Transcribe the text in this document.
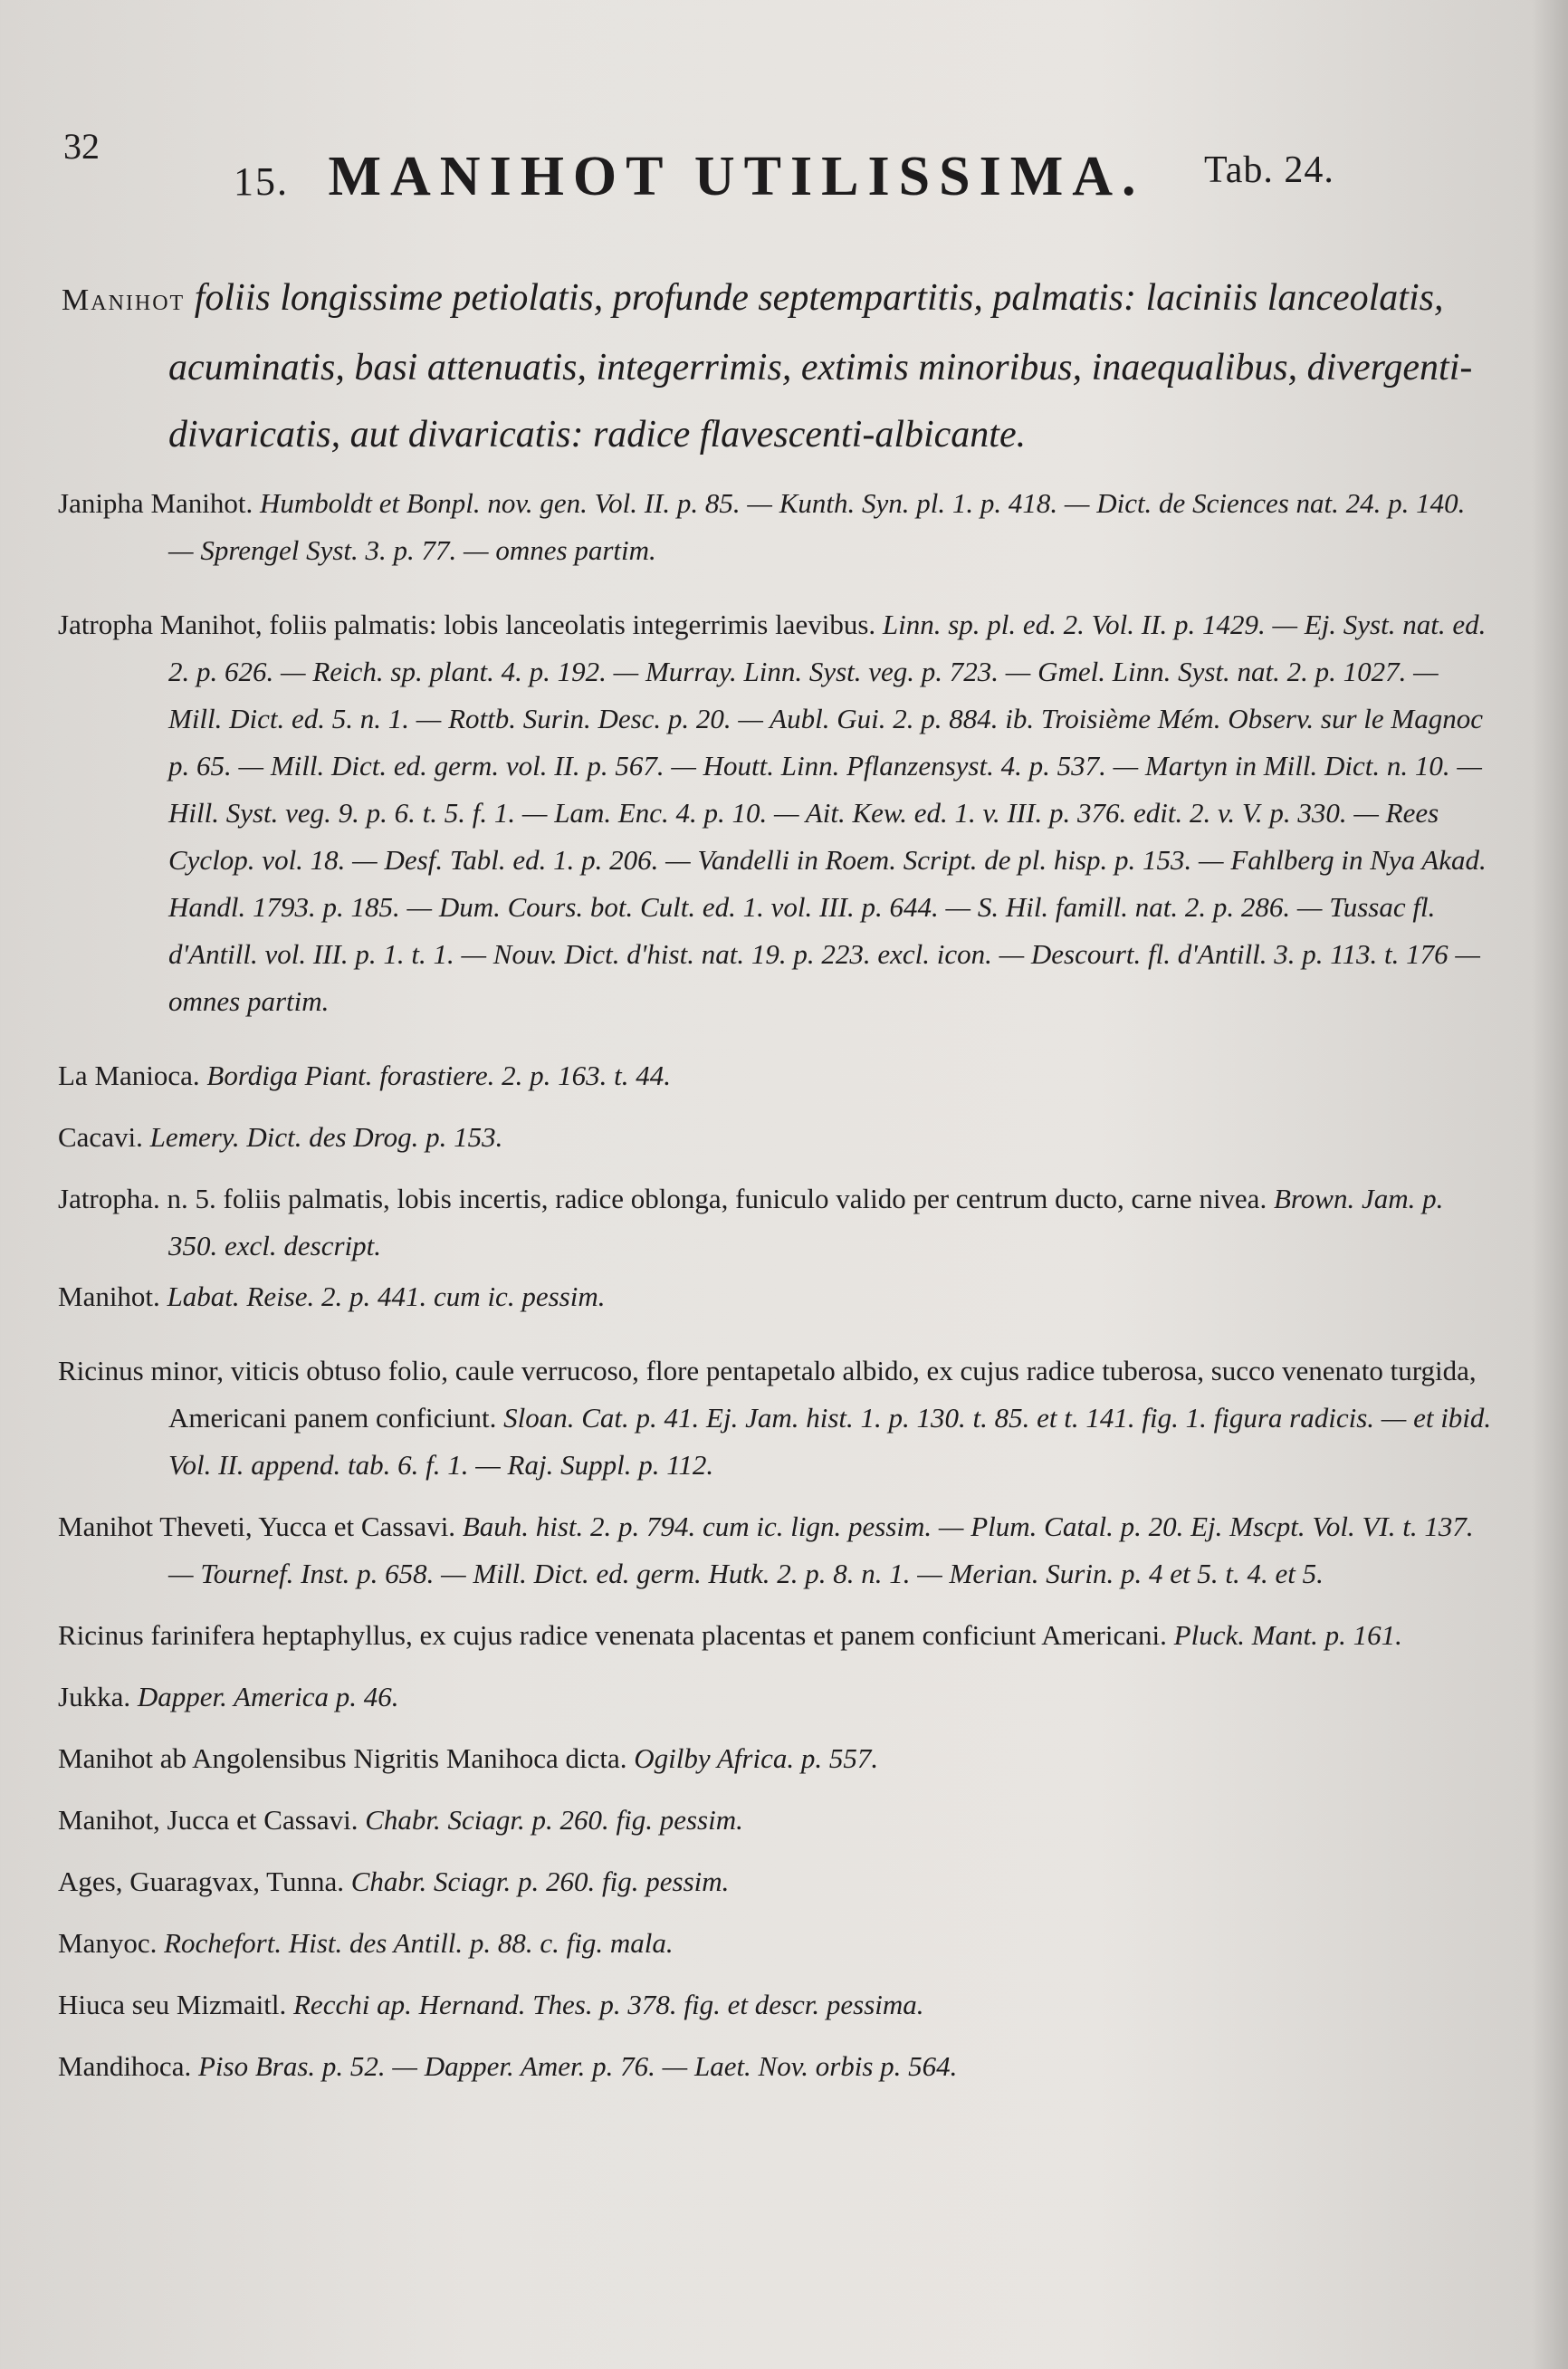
32
15. MANIHOT UTILISSIMA. $^{Tab. 24.}$
Manihot foliis longissime petiolatis, profunde septempartitis, palmatis: laciniis lanceolatis, acuminatis, basi attenuatis, integerrimis, extimis minoribus, inaequalibus, divergenti-divaricatis, aut divaricatis: radice flavescenti-albicante.

Janipha Manihot. Humboldt et Bonpl. nov. gen. Vol. II. p. 85. — Kunth. Syn. pl. 1. p. 418. — Dict. de Sciences nat. 24. p. 140. — Sprengel Syst. 3. p. 77. — omnes partim.

Jatropha Manihot, foliis palmatis: lobis lanceolatis integerrimis laevibus. Linn. sp. pl. ed. 2. Vol. II. p. 1429. — Ej. Syst. nat. ed. 2. p. 626. — Reich. sp. plant. 4. p. 192. — Murray. Linn. Syst. veg. p. 723. — Gmel. Linn. Syst. nat. 2. p. 1027. — Mill. Dict. ed. 5. n. 1. — Rottb. Surin. Desc. p. 20. — Aubl. Gui. 2. p. 884. ib. Troisième Mém. Observ. sur le Magnoc p. 65. — Mill. Dict. ed. germ. vol. II. p. 567. — Houtt. Linn. Pflanzensyst. 4. p. 537. — Martyn in Mill. Dict. n. 10. — Hill. Syst. veg. 9. p. 6. t. 5. f. 1. — Lam. Enc. 4. p. 10. — Ait. Kew. ed. 1. v. III. p. 376. edit. 2. v. V. p. 330. — Rees Cyclop. vol. 18. — Desf. Tabl. ed. 1. p. 206. — Vandelli in Roem. Script. de pl. hisp. p. 153. — Fahlberg in Nya Akad. Handl. 1793. p. 185. — Dum. Cours. bot. Cult. ed. 1. vol. III. p. 644. — S. Hil. famill. nat. 2. p. 286. — Tussac fl. d'Antill. vol. III. p. 1. t. 1. — Nouv. Dict. d'hist. nat. 19. p. 223. excl. icon. — Descourt. fl. d'Antill. 3. p. 113. t. 176 — omnes partim.

La Manioca. Bordiga Piant. forastiere. 2. p. 163. t. 44.

Cacavi. Lemery. Dict. des Drog. p. 153.

Jatropha. n. 5. foliis palmatis, lobis incertis, radice oblonga, funiculo valido per centrum ducto, carne nivea. Brown. Jam. p. 350. excl. descript.

Manihot. Labat. Reise. 2. p. 441. cum ic. pessim.

Ricinus minor, viticis obtuso folio, caule verrucoso, flore pentapetalo albido, ex cujus radice tuberosa, succo venenato turgida, Americani panem conficiunt. Sloan. Cat. p. 41. Ej. Jam. hist. 1. p. 130. t. 85. et t. 141. fig. 1. figura radicis. — et ibid. Vol. II. append. tab. 6. f. 1. — Raj. Suppl. p. 112.

Manihot Theveti, Yucca et Cassavi. Bauh. hist. 2. p. 794. cum ic. lign. pessim. — Plum. Catal. p. 20. Ej. Mscpt. Vol. VI. t. 137. — Tournef. Inst. p. 658. — Mill. Dict. ed. germ. Hutk. 2. p. 8. n. 1. — Merian. Surin. p. 4 et 5. t. 4. et 5.

Ricinus farinifera heptaphyllus, ex cujus radice venenata placentas et panem conficiunt Americani. Pluck. Mant. p. 161.

Jukka. Dapper. America p. 46.

Manihot ab Angolensibus Nigritis Manihoca dicta. Ogilby Africa. p. 557.

Manihot, Jucca et Cassavi. Chabr. Sciagr. p. 260. fig. pessim.

Ages, Guaragvax, Tunna. Chabr. Sciagr. p. 260. fig. pessim.

Manyoc. Rochefort. Hist. des Antill. p. 88. c. fig. mala.

Hiuca seu Mizmaitl. Recchi ap. Hernand. Thes. p. 378. fig. et descr. pessima.

Mandihoca. Piso Bras. p. 52. — Dapper. Amer. p. 76. — Laet. Nov. orbis p. 564.
